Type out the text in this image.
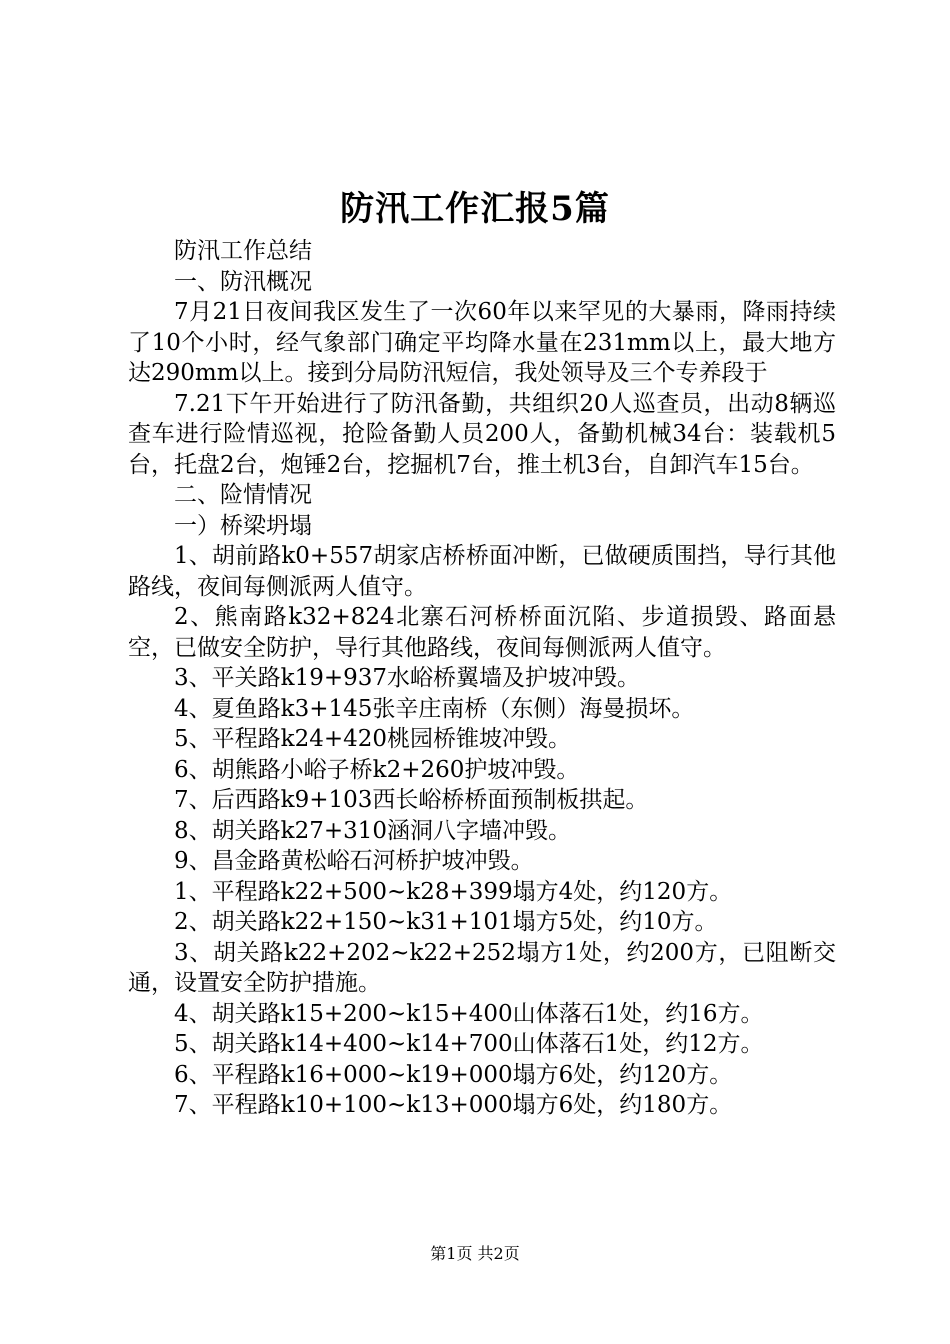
防汛工作汇报5篇

防汛工作总结

一、防汛概况

7月21日夜间我区发生了一次60年以来罕见的大暴雨，降雨持续了10个小时，经气象部门确定平均降水量在231mm以上，最大地方达290mm以上。接到分局防汛短信，我处领导及三个专养段于

7.21下午开始进行了防汛备勤，共组织20人巡查员，出动8辆巡查车进行险情巡视，抢险备勤人员200人，备勤机械34台：装载机5台，托盘2台，炮锤2台，挖掘机7台，推土机3台，自卸汽车15台。

二、险情情况

一）桥梁坍塌

1、胡前路k0+557胡家店桥桥面冲断，已做硬质围挡，导行其他路线，夜间每侧派两人值守。

2、熊南路k32+824北寨石河桥桥面沉陷、步道损毁、路面悬空，已做安全防护，导行其他路线，夜间每侧派两人值守。

3、平关路k19+937水峪桥翼墙及护坡冲毁。

4、夏鱼路k3+145张辛庄南桥（东侧）海曼损坏。

5、平程路k24+420桃园桥锥坡冲毁。

6、胡熊路小峪子桥k2+260护坡冲毁。

7、后西路k9+103西长峪桥桥面预制板拱起。

8、胡关路k27+310涵洞八字墙冲毁。

9、昌金路黄松峪石河桥护坡冲毁。

1、平程路k22+500~k28+399塌方4处，约120方。

2、胡关路k22+150~k31+101塌方5处，约10方。

3、胡关路k22+202~k22+252塌方1处，约200方，已阻断交通，设置安全防护措施。

4、胡关路k15+200~k15+400山体落石1处，约16方。

5、胡关路k14+400~k14+700山体落石1处，约12方。

6、平程路k16+000~k19+000塌方6处，约120方。

7、平程路k10+100~k13+000塌方6处，约180方。

第1页 共2页
